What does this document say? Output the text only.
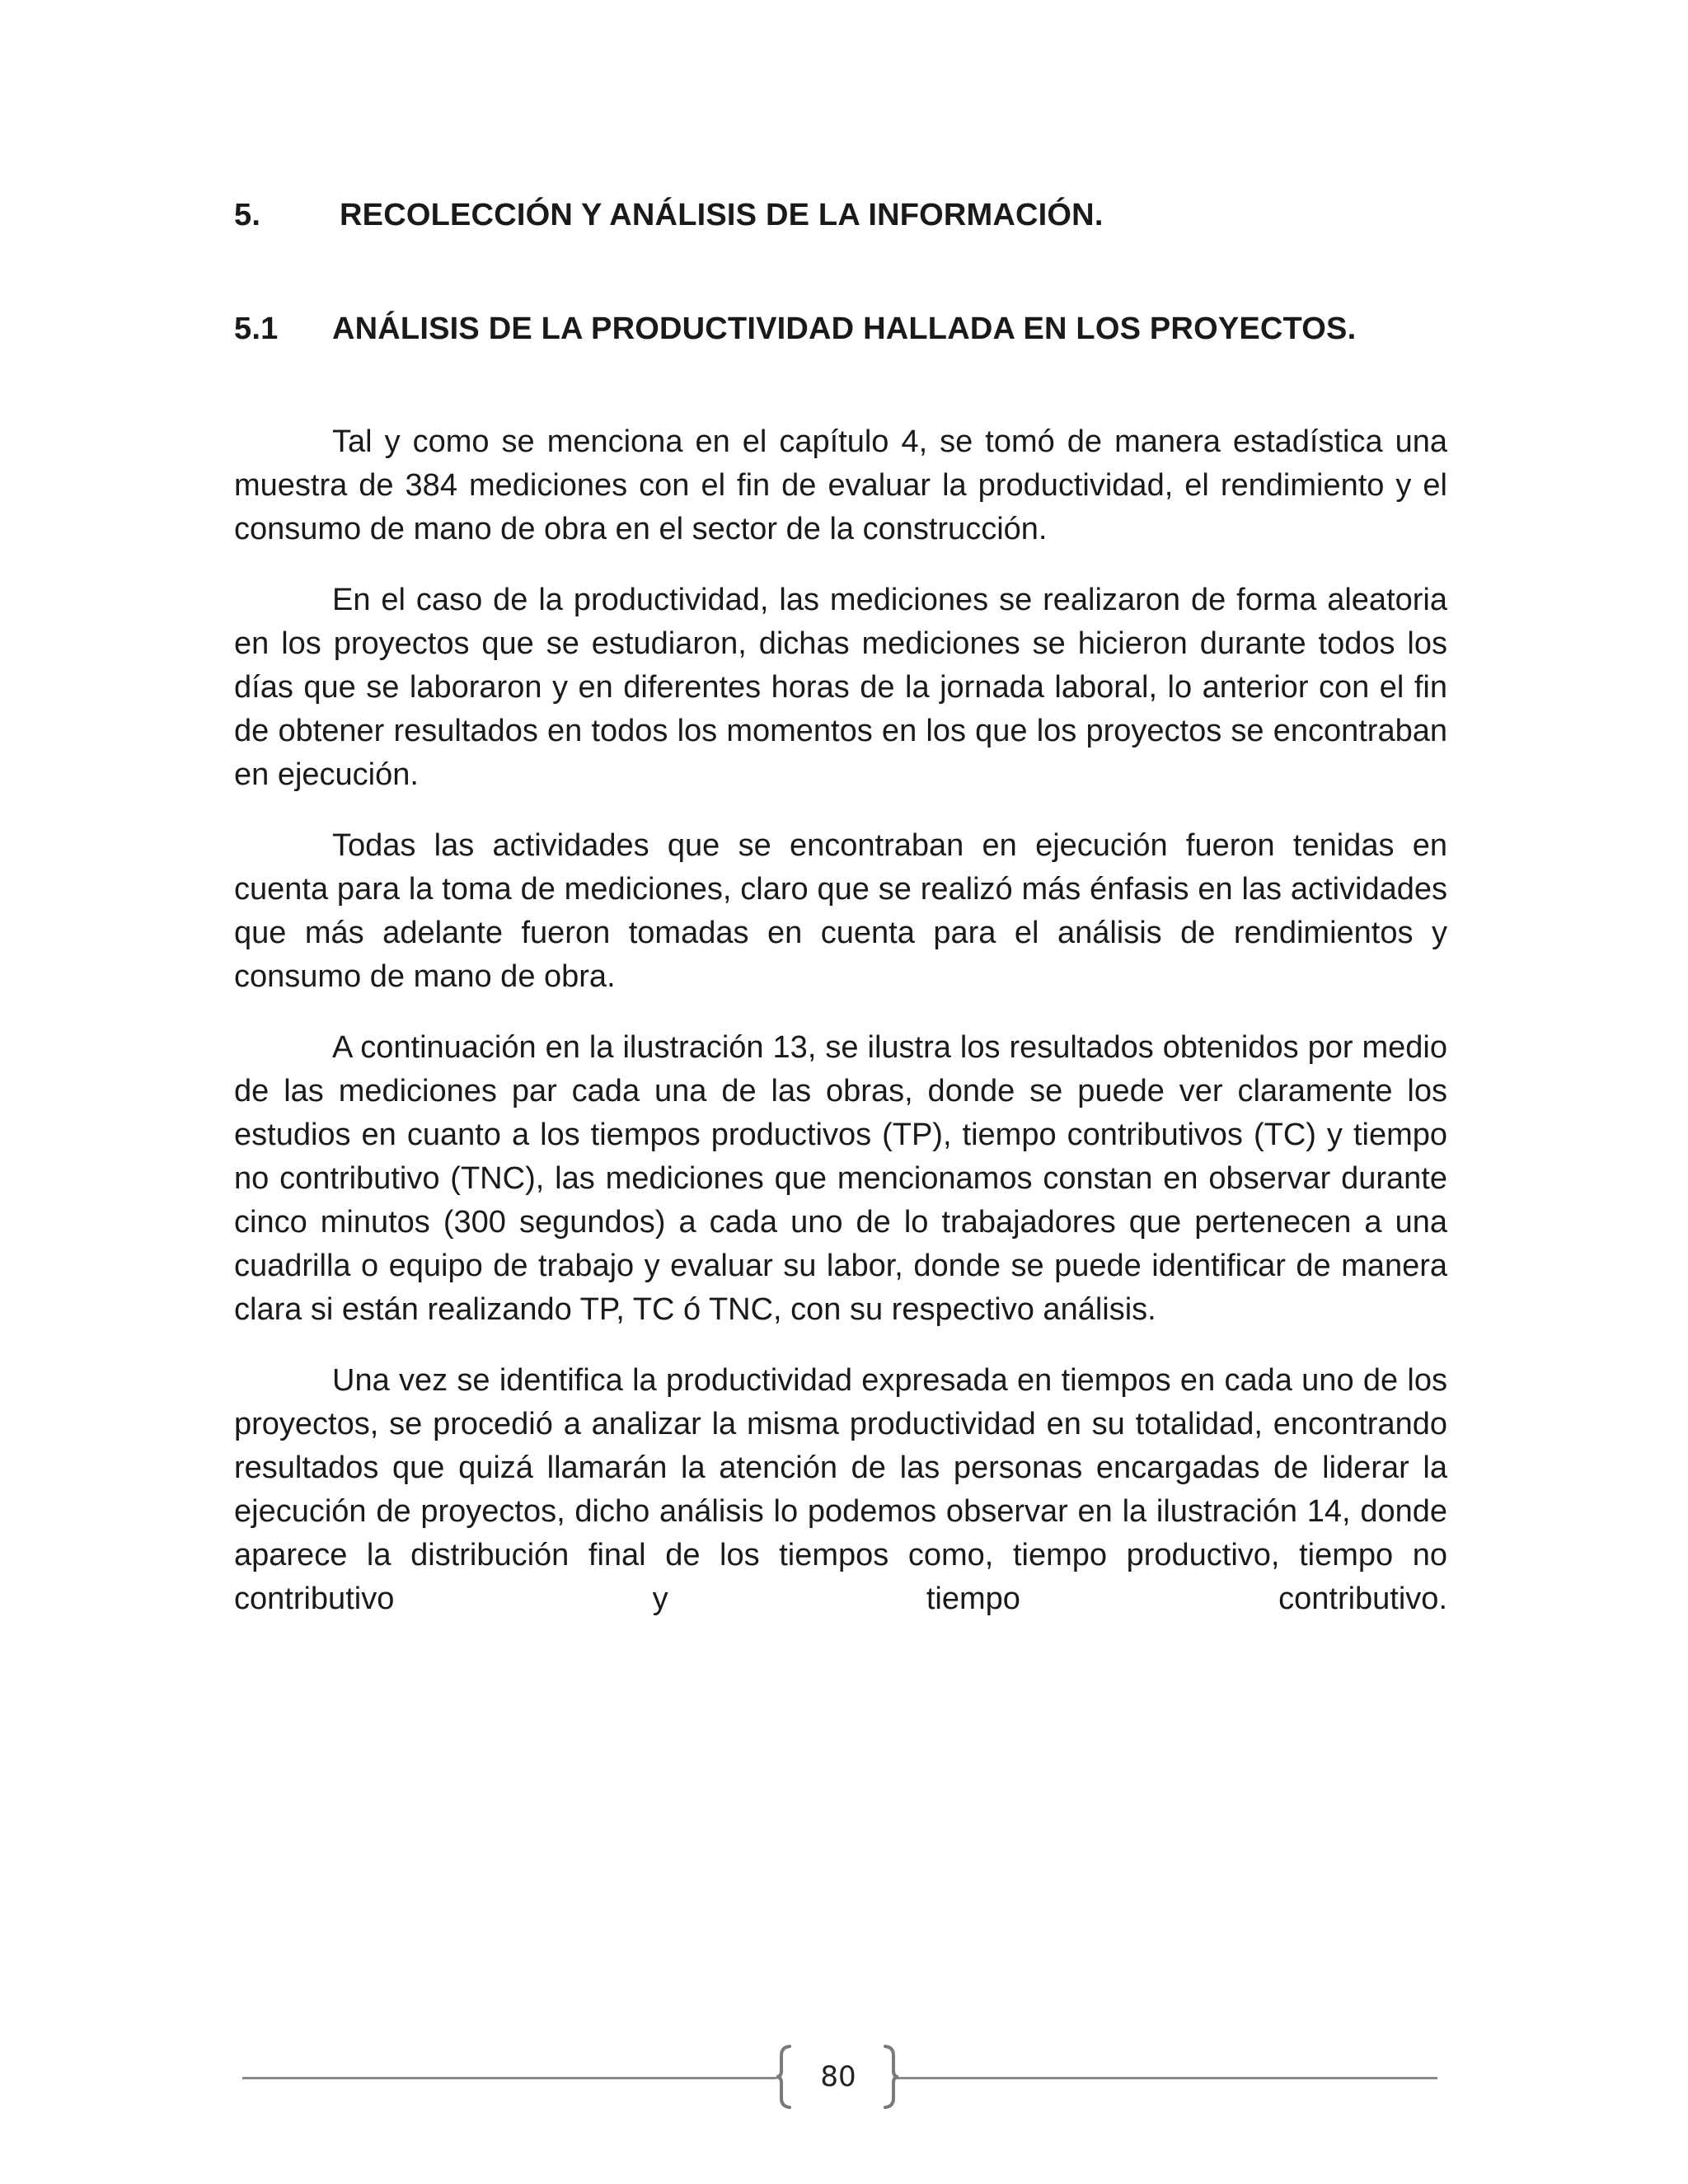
5.	RECOLECCIÓN Y ANÁLISIS DE LA INFORMACIÓN.
5.1 ANÁLISIS DE LA PRODUCTIVIDAD HALLADA EN LOS PROYECTOS.

Tal y como se menciona en el capítulo 4, se tomó de manera estadística una muestra de 384 mediciones con el fin de evaluar la productividad, el rendimiento y el consumo de mano de obra en el sector de la construcción.

En el caso de la productividad, las mediciones se realizaron de forma aleatoria en los proyectos que se estudiaron, dichas mediciones se hicieron durante todos los días que se laboraron y en diferentes horas de la jornada laboral, lo anterior con el fin de obtener resultados en todos los momentos en los que los proyectos se encontraban en ejecución.

Todas las actividades que se encontraban en ejecución fueron tenidas en cuenta para la toma de mediciones, claro que se realizó más énfasis en las actividades que más adelante fueron tomadas en cuenta para el análisis de rendimientos y consumo de mano de obra.

A continuación en la ilustración 13, se ilustra los resultados obtenidos por medio de las mediciones par cada una de las obras, donde se puede ver claramente los estudios en cuanto a los tiempos productivos (TP), tiempo contributivos (TC) y tiempo no contributivo (TNC), las mediciones que mencionamos constan en observar durante cinco minutos (300 segundos) a cada uno de lo trabajadores que pertenecen a una cuadrilla o equipo de trabajo y evaluar su labor, donde se puede identificar de manera clara si están realizando TP, TC ó TNC, con su respectivo análisis.

Una vez se identifica la productividad expresada en tiempos en cada uno de los proyectos, se procedió a analizar la misma productividad en su totalidad, encontrando resultados que quizá llamarán la atención de las personas encargadas de liderar la ejecución de proyectos, dicho análisis lo podemos observar en la ilustración 14, donde aparece la distribución final de los tiempos como, tiempo productivo, tiempo no contributivo y tiempo contributivo.

80
